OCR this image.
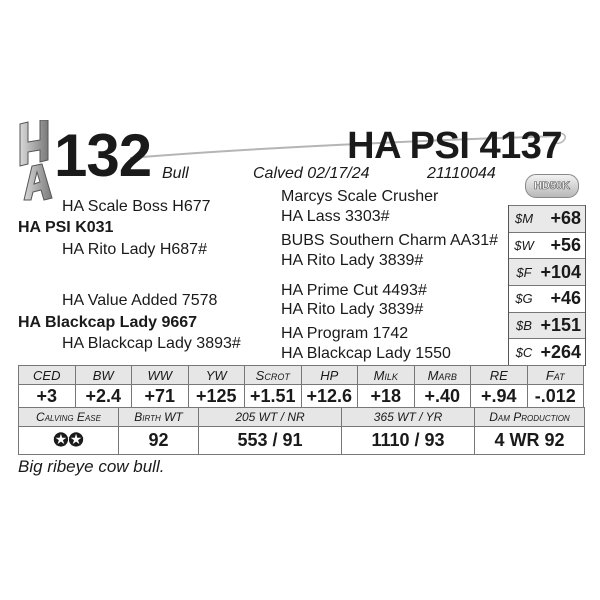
132 Bull	Calved 02/17/24	21110044
HA PSI 4137
HD50K
HA Scale Boss H677
HA PSI K031
HA Rito Lady H687#
HA Value Added 7578
HA Blackcap Lady 9667
HA Blackcap Lady 3893#
Marcys Scale Crusher
HA Lass 3303#
BUBS Southern Charm AA31#
HA Rito Lady 3839#
HA Prime Cut 4493#
HA Rito Lady 3839#
HA Program 1742
HA Blackcap Lady 1550
$M +68
$W +56
$F +104
$G +46
$B +151
$C +264
CED	BW	WW	YW	Scrot	HP	Milk	Marb	RE	Fat
+3	+2.4	+71	+125	+1.51	+12.6	+18	+.40	+.94	-.012
Calving Ease	Birth WT	205 WT / NR	365 WT / YR	Dam Production
✪✪	92	553 / 91	1110 / 93	4 WR 92
Big ribeye cow bull.
